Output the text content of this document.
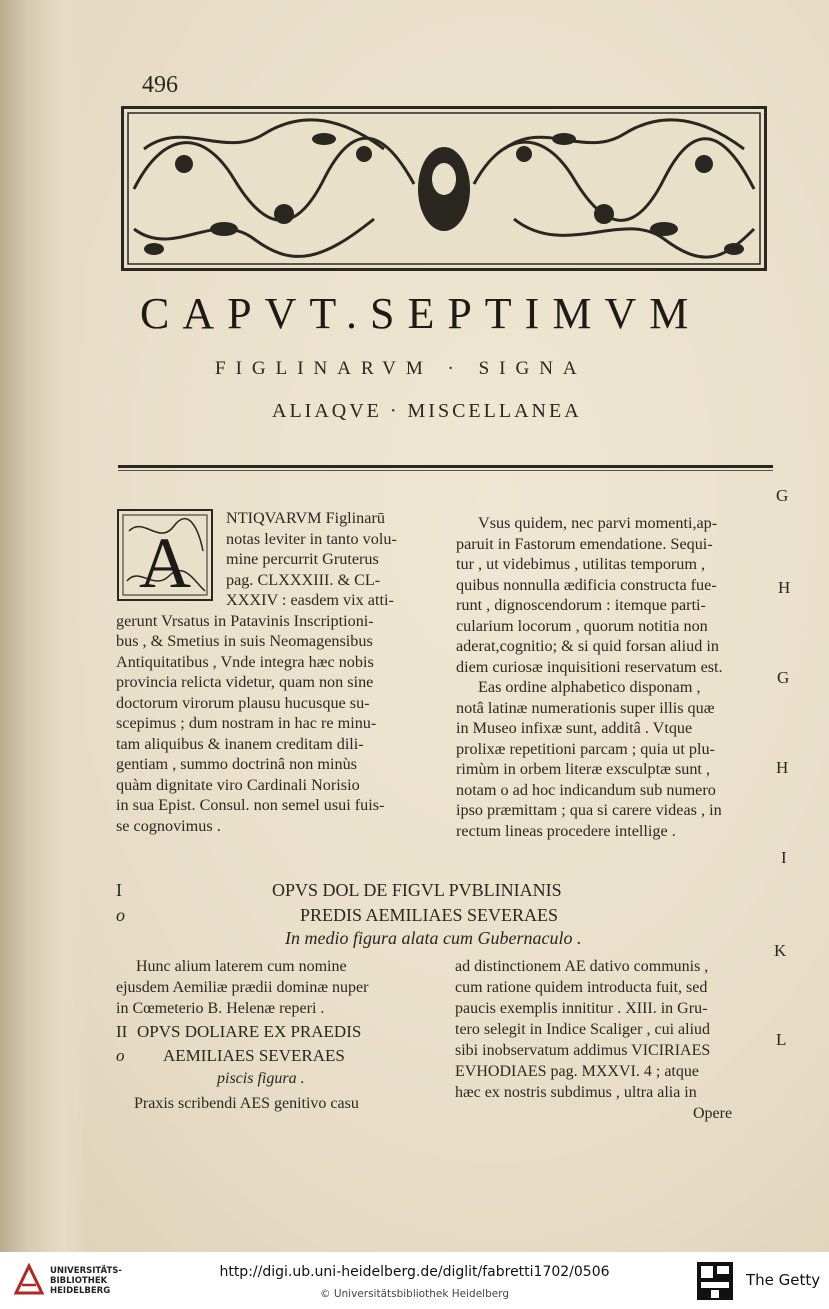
496
CAPVT.SEPTIMVM
FIGLINARVM · SIGNA
ALIAQVE · MISCELLANEA
A

NTIQVARVM Figlinarū

notas leviter in tanto volu-

mine percurrit Gruterus

pag. CLXXXIII. & CL-

XXXIV : easdem vix atti-

gerunt Vrsatus in Patavinis Inscriptioni-

bus , & Smetius in suis Neomagensibus

Antiquitatibus , Vnde integra hæc nobis

provincia relicta videtur, quam non sine

doctorum virorum plausu hucusque su-

scepimus ; dum nostram in hac re minu-

tam aliquibus & inanem creditam dili-

gentiam , summo doctrinâ non minùs

quàm dignitate viro Cardinali Norisio

in sua Epist. Consul. non semel usui fuis-

se cognovimus .

Vsus quidem, nec parvi momenti,ap-

paruit in Fastorum emendatione. Sequi-

tur , ut videbimus , utilitas temporum ,

quibus nonnulla ædificia constructa fue-

runt , dignoscendorum : itemque parti-

cularium locorum , quorum notitia non

aderat,cognitio; & si quid forsan aliud in

diem curiosæ inquisitioni reservatum est.

Eas ordine alphabetico disponam ,

notâ latinæ numerationis super illis quæ

in Museo infixæ sunt, additâ . Vtque

prolixæ repetitioni parcam ; quia ut plu-

rimùm in orbem literæ exsculptæ sunt ,

notam o ad hoc indicandum sub numero

ipso præmittam ; qua si carere videas , in

rectum lineas procedere intellige .

G
H
G
H
I
K
L
I	OPVS DOL DE FIGVL PVBLINIANIS
o	PREDIS AEMILIAES SEVERAES
In medio figura alata cum Gubernaculo .

Hunc alium laterem cum nomine

ejusdem Aemiliæ prædii dominæ nuper

in Cœmeterio B. Helenæ reperi .

II OPVS DOLIARE EX PRAEDIS
o AEMILIAES SEVERAES
piscis figura .

Praxis scribendi AES genitivo casu

ad distinctionem AE dativo communis ,

cum ratione quidem introducta fuit, sed

paucis exemplis innititur . XIII. in Gru-

tero selegit in Indice Scaliger , cui aliud

sibi inobservatum addimus VICIRIAES

EVHODIAES pag. MXXVI. 4 ; atque

hæc ex nostris subdimus , ultra alia in

Opere

UNIVERSITÄTS-
BIBLIOTHEK
HEIDELBERG
http://digi.ub.uni-heidelberg.de/diglit/fabretti1702/0506
© Universitätsbibliothek Heidelberg
The Getty
